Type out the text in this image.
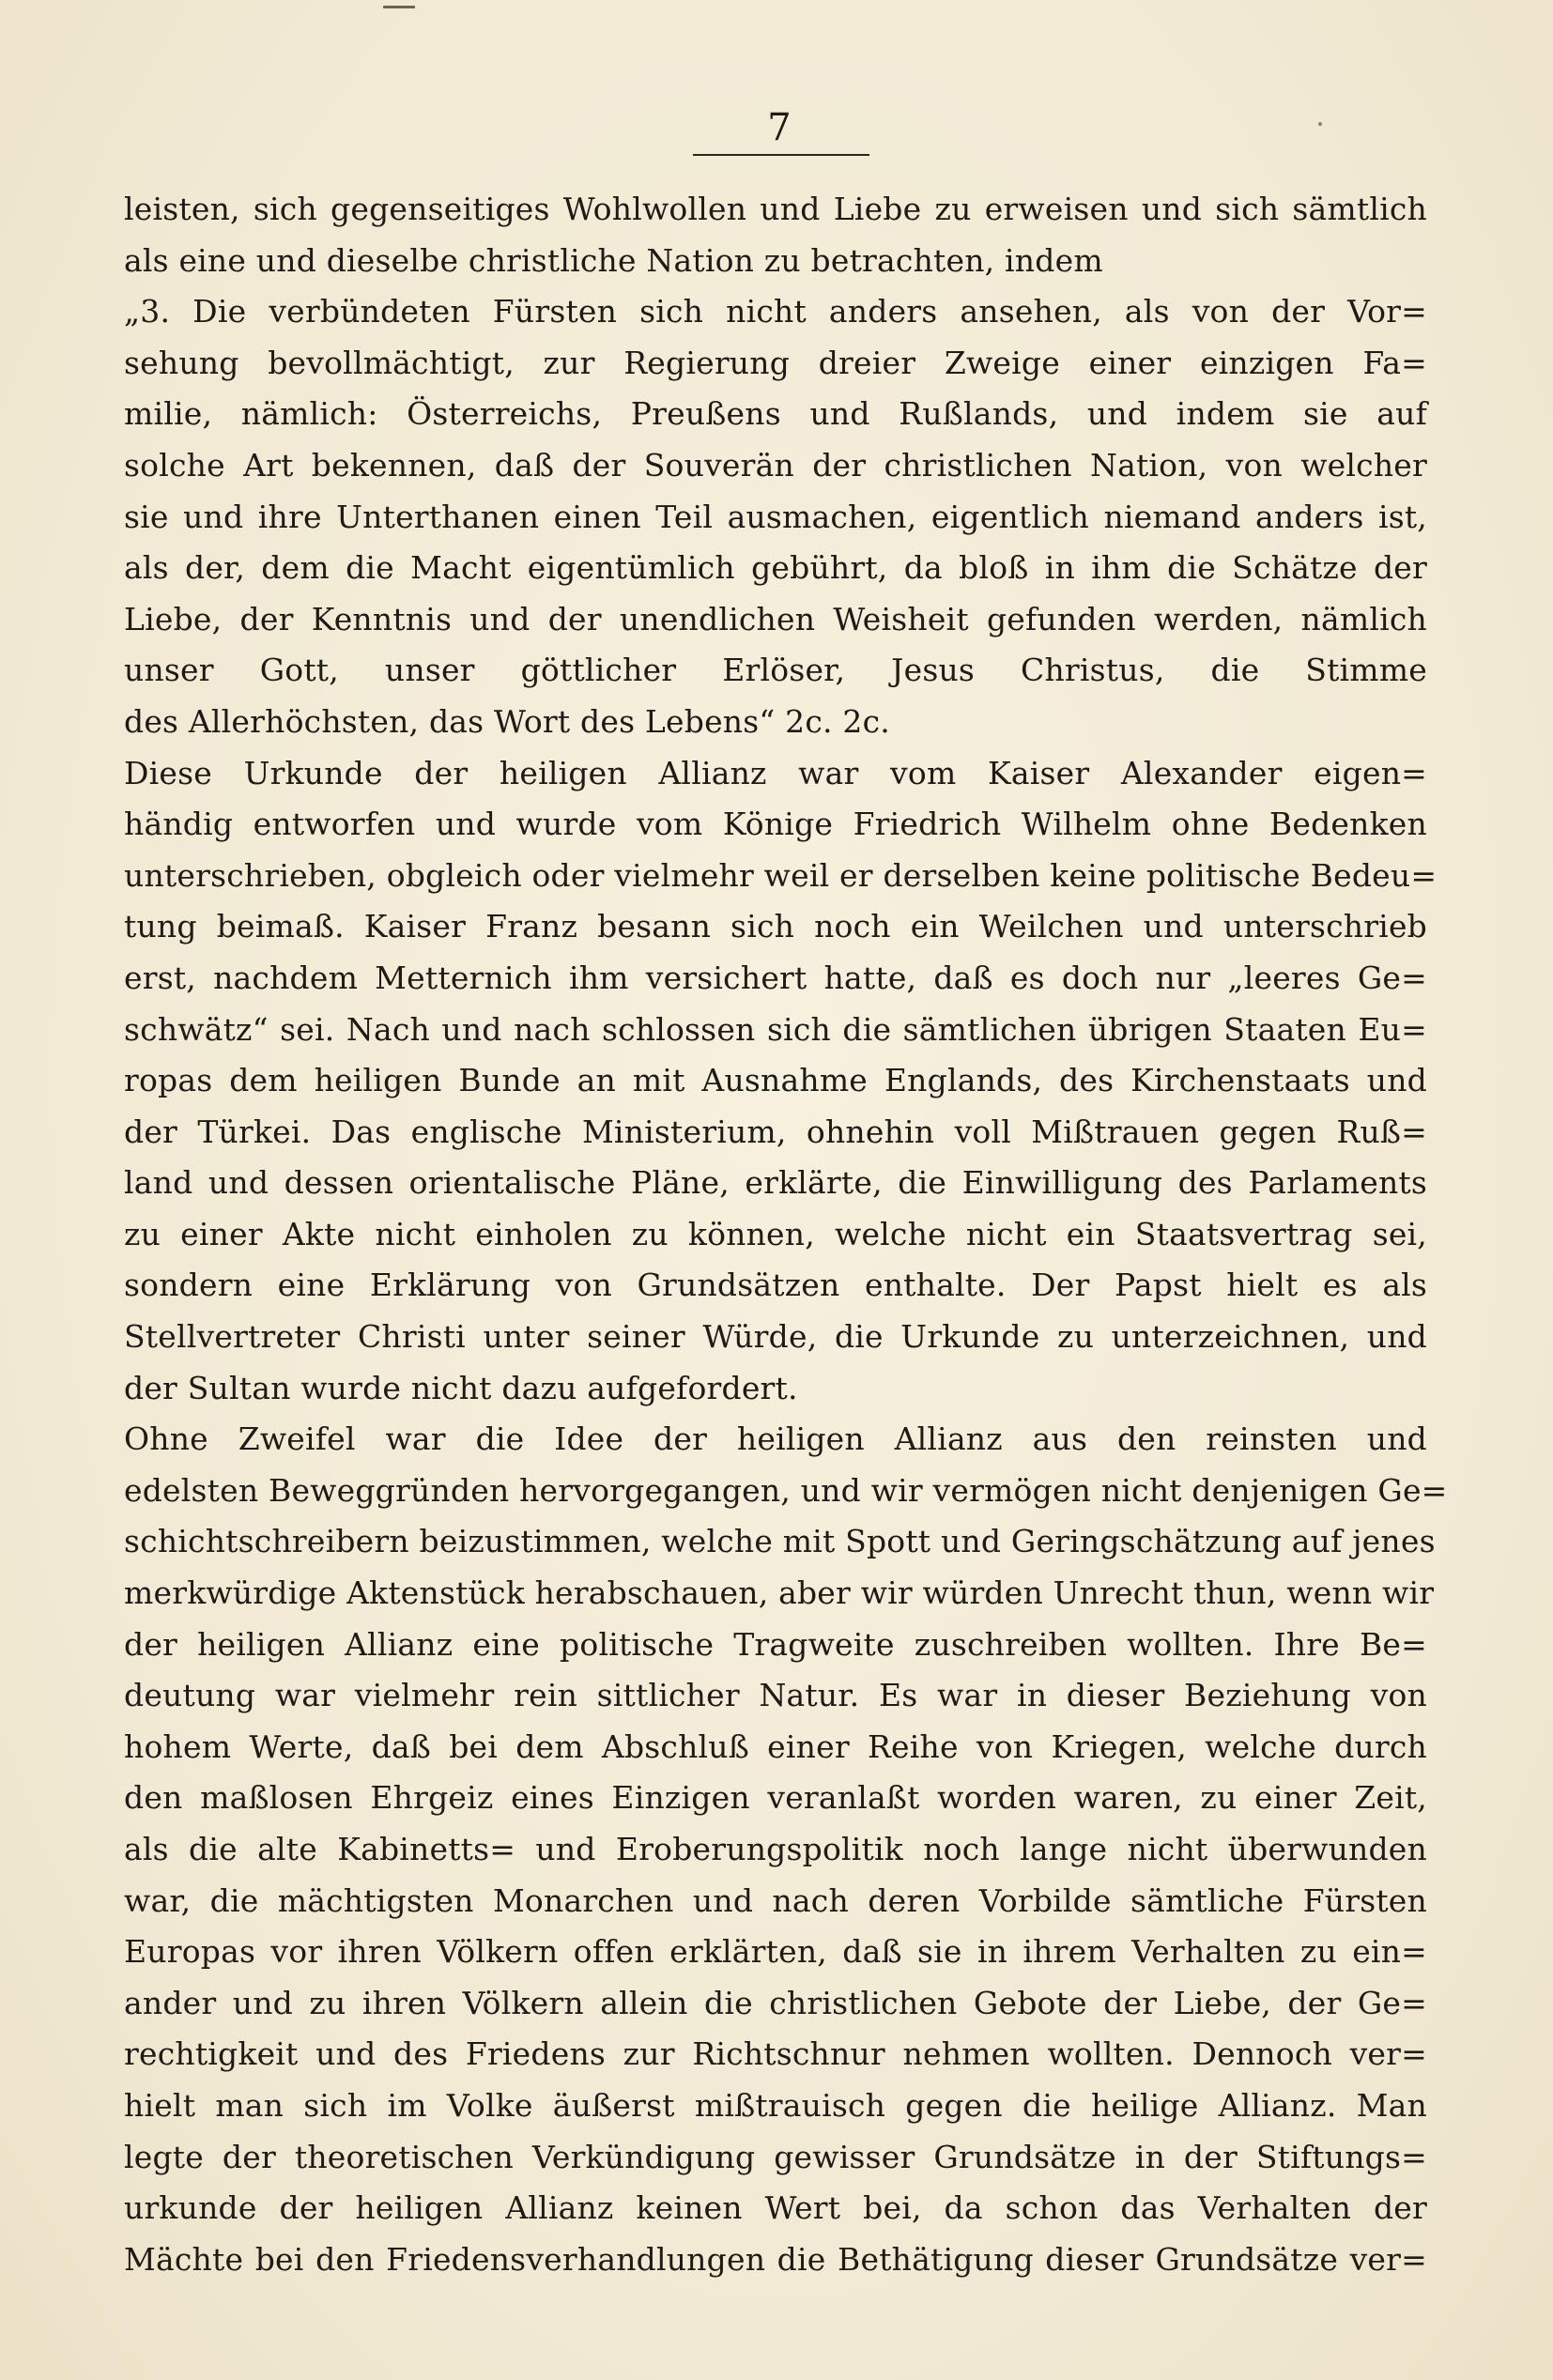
7
leisten, sich gegenseitiges Wohlwollen und Liebe zu erweisen und sich sämtlich
als eine und dieselbe christliche Nation zu betrachten, indem
„3. Die verbündeten Fürsten sich nicht anders ansehen, als von der Vor=
sehung bevollmächtigt, zur Regierung dreier Zweige einer einzigen Fa=
milie, nämlich: Österreichs, Preußens und Rußlands, und indem sie auf
solche Art bekennen, daß der Souverän der christlichen Nation, von welcher
sie und ihre Unterthanen einen Teil ausmachen, eigentlich niemand anders ist,
als der, dem die Macht eigentümlich gebührt, da bloß in ihm die Schätze der
Liebe, der Kenntnis und der unendlichen Weisheit gefunden werden, nämlich
unser Gott, unser göttlicher Erlöser, Jesus Christus, die Stimme
des Allerhöchsten, das Wort des Lebens“ 2c. 2c.
Diese Urkunde der heiligen Allianz war vom Kaiser Alexander eigen=
händig entworfen und wurde vom Könige Friedrich Wilhelm ohne Bedenken
unterschrieben, obgleich oder vielmehr weil er derselben keine politische Bedeu=
tung beimaß. Kaiser Franz besann sich noch ein Weilchen und unterschrieb
erst, nachdem Metternich ihm versichert hatte, daß es doch nur „leeres Ge=
schwätz“ sei. Nach und nach schlossen sich die sämtlichen übrigen Staaten Eu=
ropas dem heiligen Bunde an mit Ausnahme Englands, des Kirchenstaats und
der Türkei. Das englische Ministerium, ohnehin voll Mißtrauen gegen Ruß=
land und dessen orientalische Pläne, erklärte, die Einwilligung des Parlaments
zu einer Akte nicht einholen zu können, welche nicht ein Staatsvertrag sei,
sondern eine Erklärung von Grundsätzen enthalte. Der Papst hielt es als
Stellvertreter Christi unter seiner Würde, die Urkunde zu unterzeichnen, und
der Sultan wurde nicht dazu aufgefordert.
Ohne Zweifel war die Idee der heiligen Allianz aus den reinsten und
edelsten Beweggründen hervorgegangen, und wir vermögen nicht denjenigen Ge=
schichtschreibern beizustimmen, welche mit Spott und Geringschätzung auf jenes
merkwürdige Aktenstück herabschauen, aber wir würden Unrecht thun, wenn wir
der heiligen Allianz eine politische Tragweite zuschreiben wollten. Ihre Be=
deutung war vielmehr rein sittlicher Natur. Es war in dieser Beziehung von
hohem Werte, daß bei dem Abschluß einer Reihe von Kriegen, welche durch
den maßlosen Ehrgeiz eines Einzigen veranlaßt worden waren, zu einer Zeit,
als die alte Kabinetts= und Eroberungspolitik noch lange nicht überwunden
war, die mächtigsten Monarchen und nach deren Vorbilde sämtliche Fürsten
Europas vor ihren Völkern offen erklärten, daß sie in ihrem Verhalten zu ein=
ander und zu ihren Völkern allein die christlichen Gebote der Liebe, der Ge=
rechtigkeit und des Friedens zur Richtschnur nehmen wollten. Dennoch ver=
hielt man sich im Volke äußerst mißtrauisch gegen die heilige Allianz. Man
legte der theoretischen Verkündigung gewisser Grundsätze in der Stiftungs=
urkunde der heiligen Allianz keinen Wert bei, da schon das Verhalten der
Mächte bei den Friedensverhandlungen die Bethätigung dieser Grundsätze ver=
